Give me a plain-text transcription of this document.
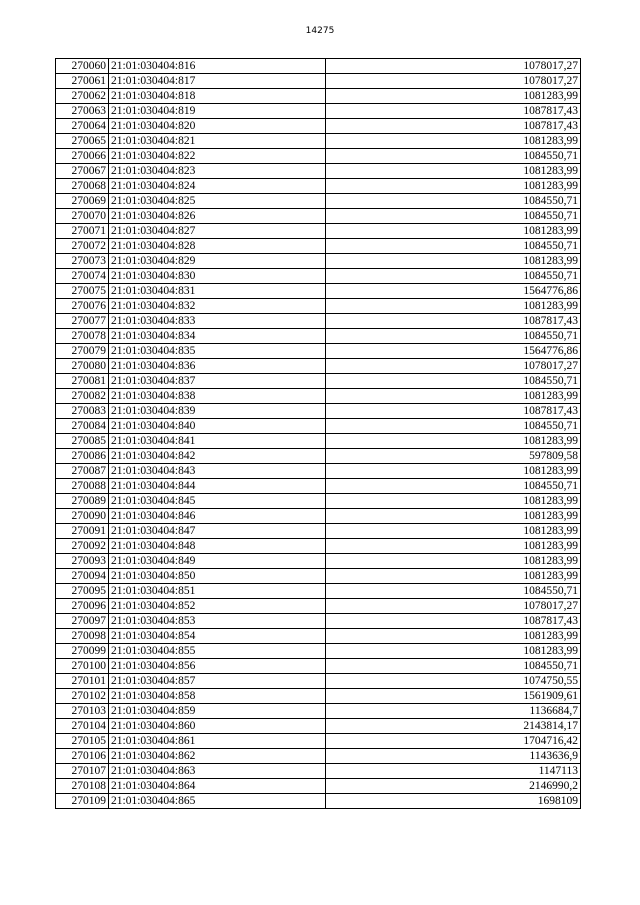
14275
270060	21:01:030404:816	1078017,27
270061	21:01:030404:817	1078017,27
270062	21:01:030404:818	1081283,99
270063	21:01:030404:819	1087817,43
270064	21:01:030404:820	1087817,43
270065	21:01:030404:821	1081283,99
270066	21:01:030404:822	1084550,71
270067	21:01:030404:823	1081283,99
270068	21:01:030404:824	1081283,99
270069	21:01:030404:825	1084550,71
270070	21:01:030404:826	1084550,71
270071	21:01:030404:827	1081283,99
270072	21:01:030404:828	1084550,71
270073	21:01:030404:829	1081283,99
270074	21:01:030404:830	1084550,71
270075	21:01:030404:831	1564776,86
270076	21:01:030404:832	1081283,99
270077	21:01:030404:833	1087817,43
270078	21:01:030404:834	1084550,71
270079	21:01:030404:835	1564776,86
270080	21:01:030404:836	1078017,27
270081	21:01:030404:837	1084550,71
270082	21:01:030404:838	1081283,99
270083	21:01:030404:839	1087817,43
270084	21:01:030404:840	1084550,71
270085	21:01:030404:841	1081283,99
270086	21:01:030404:842	597809,58
270087	21:01:030404:843	1081283,99
270088	21:01:030404:844	1084550,71
270089	21:01:030404:845	1081283,99
270090	21:01:030404:846	1081283,99
270091	21:01:030404:847	1081283,99
270092	21:01:030404:848	1081283,99
270093	21:01:030404:849	1081283,99
270094	21:01:030404:850	1081283,99
270095	21:01:030404:851	1084550,71
270096	21:01:030404:852	1078017,27
270097	21:01:030404:853	1087817,43
270098	21:01:030404:854	1081283,99
270099	21:01:030404:855	1081283,99
270100	21:01:030404:856	1084550,71
270101	21:01:030404:857	1074750,55
270102	21:01:030404:858	1561909,61
270103	21:01:030404:859	1136684,7
270104	21:01:030404:860	2143814,17
270105	21:01:030404:861	1704716,42
270106	21:01:030404:862	1143636,9
270107	21:01:030404:863	1147113
270108	21:01:030404:864	2146990,2
270109	21:01:030404:865	1698109
